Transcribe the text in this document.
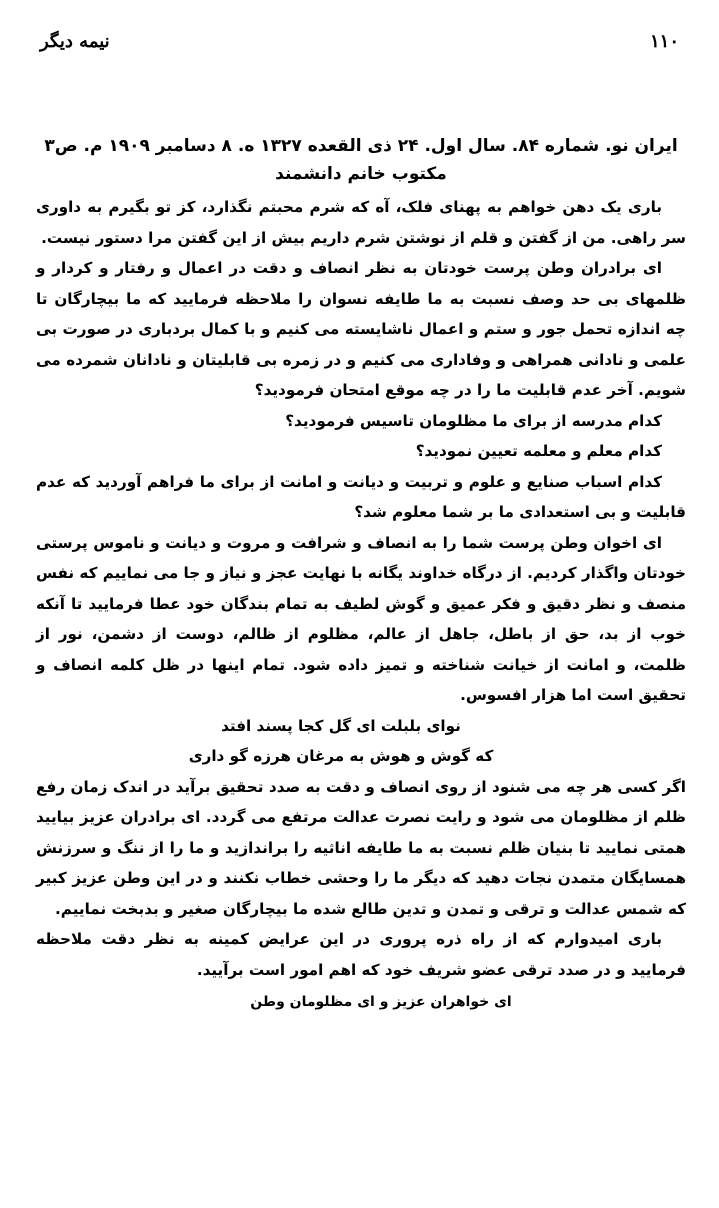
نیمه دیگر	۱۱۰
ایران نو. شماره ۸۴. سال اول. ۲۴ ذی القعده ۱۳۲۷ ه. ۸ دسامبر ۱۹۰۹ م. ص۳
مکتوب خانم دانشمند

باری یک دهن خواهم به پهنای فلک، آه که شرم محبتم نگذارد، کز تو بگیرم به داوری سر راهی. من از گفتن و قلم از نوشتن شرم داریم بیش از این گفتن مرا دستور نیست.

ای برادران وطن پرست خودتان به نظر انصاف و دقت در اعمال و رفتار و کردار و ظلمهای بی حد وصف نسبت به ما طایفه نسوان را ملاحظه فرمایید که ما بیچارگان تا چه اندازه تحمل جور و ستم و اعمال ناشایسته می کنیم و با کمال بردباری در صورت بی علمی و نادانی همراهی و وفاداری می کنیم و در زمره بی قابلیتان و نادانان شمرده می شویم. آخر عدم قابلیت ما را در چه موقع امتحان فرمودید؟

کدام مدرسه از برای ما مظلومان تاسیس فرمودید؟

کدام معلم و معلمه تعیین نمودید؟

کدام اسباب صنایع و علوم و تربیت و دیانت و امانت از برای ما فراهم آوردید که عدم قابلیت و بی استعدادی ما بر شما معلوم شد؟

ای اخوان وطن پرست شما را به انصاف و شرافت و مروت و دیانت و ناموس پرستی خودتان واگذار کردیم. از درگاه خداوند یگانه با نهایت عجز و نیاز و جا می نماییم که نفس منصف و نظر دقیق و فکر عمیق و گوش لطیف به تمام بندگان خود عطا فرمایید تا آنکه خوب از بد، حق از باطل، جاهل از عالم، مظلوم از ظالم، دوست از دشمن، نور از ظلمت، و امانت از خیانت شناخته و تمیز داده شود. تمام اینها در ظل کلمه انصاف و تحقیق است اما هزار افسوس.

نوای بلبلت ای گل کجا پسند افتد

که گوش و هوش به مرغان هرزه گو داری

اگر کسی هر چه می شنود از روی انصاف و دقت به صدد تحقیق برآید در اندک زمان رفع ظلم از مظلومان می شود و رایت نصرت عدالت مرتفع می گردد. ای برادران عزیز بیایید همتی نمایید تا بنیان ظلم نسبت به ما طایفه اناثیه را براندازید و ما را از ننگ و سرزنش همسایگان متمدن نجات دهید که دیگر ما را وحشی خطاب نکنند و در این وطن عزیز کبیر که شمس عدالت و ترقی و تمدن و تدین طالع شده ما بیچارگان صغیر و بدبخت نماییم.

باری امیدوارم که از راه ذره پروری در این عرایض کمینه به نظر دقت ملاحظه فرمایید و در صدد ترقی عضو شریف خود که اهم امور است برآیید.

ای خواهران عزیز و ای مظلومان وطن
